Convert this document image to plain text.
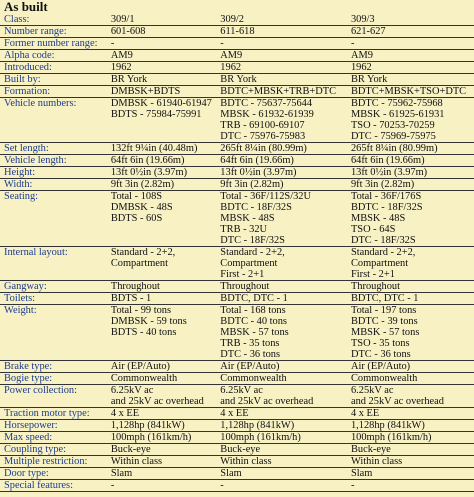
As built
Class:	309/1	309/2	309/3

Number range:	601-608	611-618	621-627

Former number range:	-	-	-

Alpha code:	AM9	AM9	AM9

Introduced:	1962	1962	1962

Built by:	BR York	BR York	BR York

Formation:	DMBSK+BDTS	BDTC+MBSK+TRB+DTC	BDTC+MBSK+TSO+DTC

Vehicle numbers:	DMBSK - 61940-61947
BDTS - 75984-75991	BDTC - 75637-75644
MBSK - 61932-61939
TRB - 69100-69107
DTC - 75976-75983	BDTC - 75962-75968
MBSK - 61925-61931
TSO - 70253-70259
DTC - 75969-75975

Set length:	132ft 9¼in (40.48m)	265ft 8¼in (80.99m)	265ft 8¼in (80.99m)

Vehicle length:	64ft 6in (19.66m)	64ft 6in (19.66m)	64ft 6in (19.66m)

Height:	13ft 0½in (3.97m)	13ft 0½in (3.97m)	13ft 0½in (3.97m)

Width:	9ft 3in (2.82m)	9ft 3in (2.82m)	9ft 3in (2.82m)

Seating:	Total - 108S
DMBSK - 48S
BDTS - 60S	Total - 36F/112S/32U
BDTC - 18F/32S
MBSK - 48S
TRB - 32U
DTC - 18F/32S	Total - 36F/176S
BDTC - 18F/32S
MBSK - 48S
TSO - 64S
DTC - 18F/32S

Internal layout:	Standard - 2+2,
Compartment	Standard - 2+2,
Compartment
First - 2+1	Standard - 2+2,
Compartment
First - 2+1

Gangway:	Throughout	Throughout	Throughout

Toilets:	BDTS - 1	BDTC, DTC - 1	BDTC, DTC - 1

Weight:	Total - 99 tons
DMBSK - 59 tons
BDTS - 40 tons	Total - 168 tons
BDTC - 40 tons
MBSK - 57 tons
TRB - 35 tons
DTC - 36 tons	Total - 197 tons
BDTC - 39 tons
MBSK - 57 tons
TSO - 35 tons
DTC - 36 tons

Brake type:	Air (EP/Auto)	Air (EP/Auto)	Air (EP/Auto)

Bogie type:	Commonwealth	Commonwealth	Commonwealth

Power collection:	6.25kV ac
and 25kV ac overhead	6.25kV ac
and 25kV ac overhead	6.25kV ac
and 25kV ac overhead

Traction motor type:	4 x EE	4 x EE	4 x EE

Horsepower:	1,128hp (841kW)	1,128hp (841kW)	1,128hp (841kW)

Max speed:	100mph (161km/h)	100mph (161km/h)	100mph (161km/h)

Coupling type:	Buck-eye	Buck-eye	Buck-eye

Multiple restriction:	Within class	Within class	Within class

Door type:	Slam	Slam	Slam

Special features:	-	-	-
